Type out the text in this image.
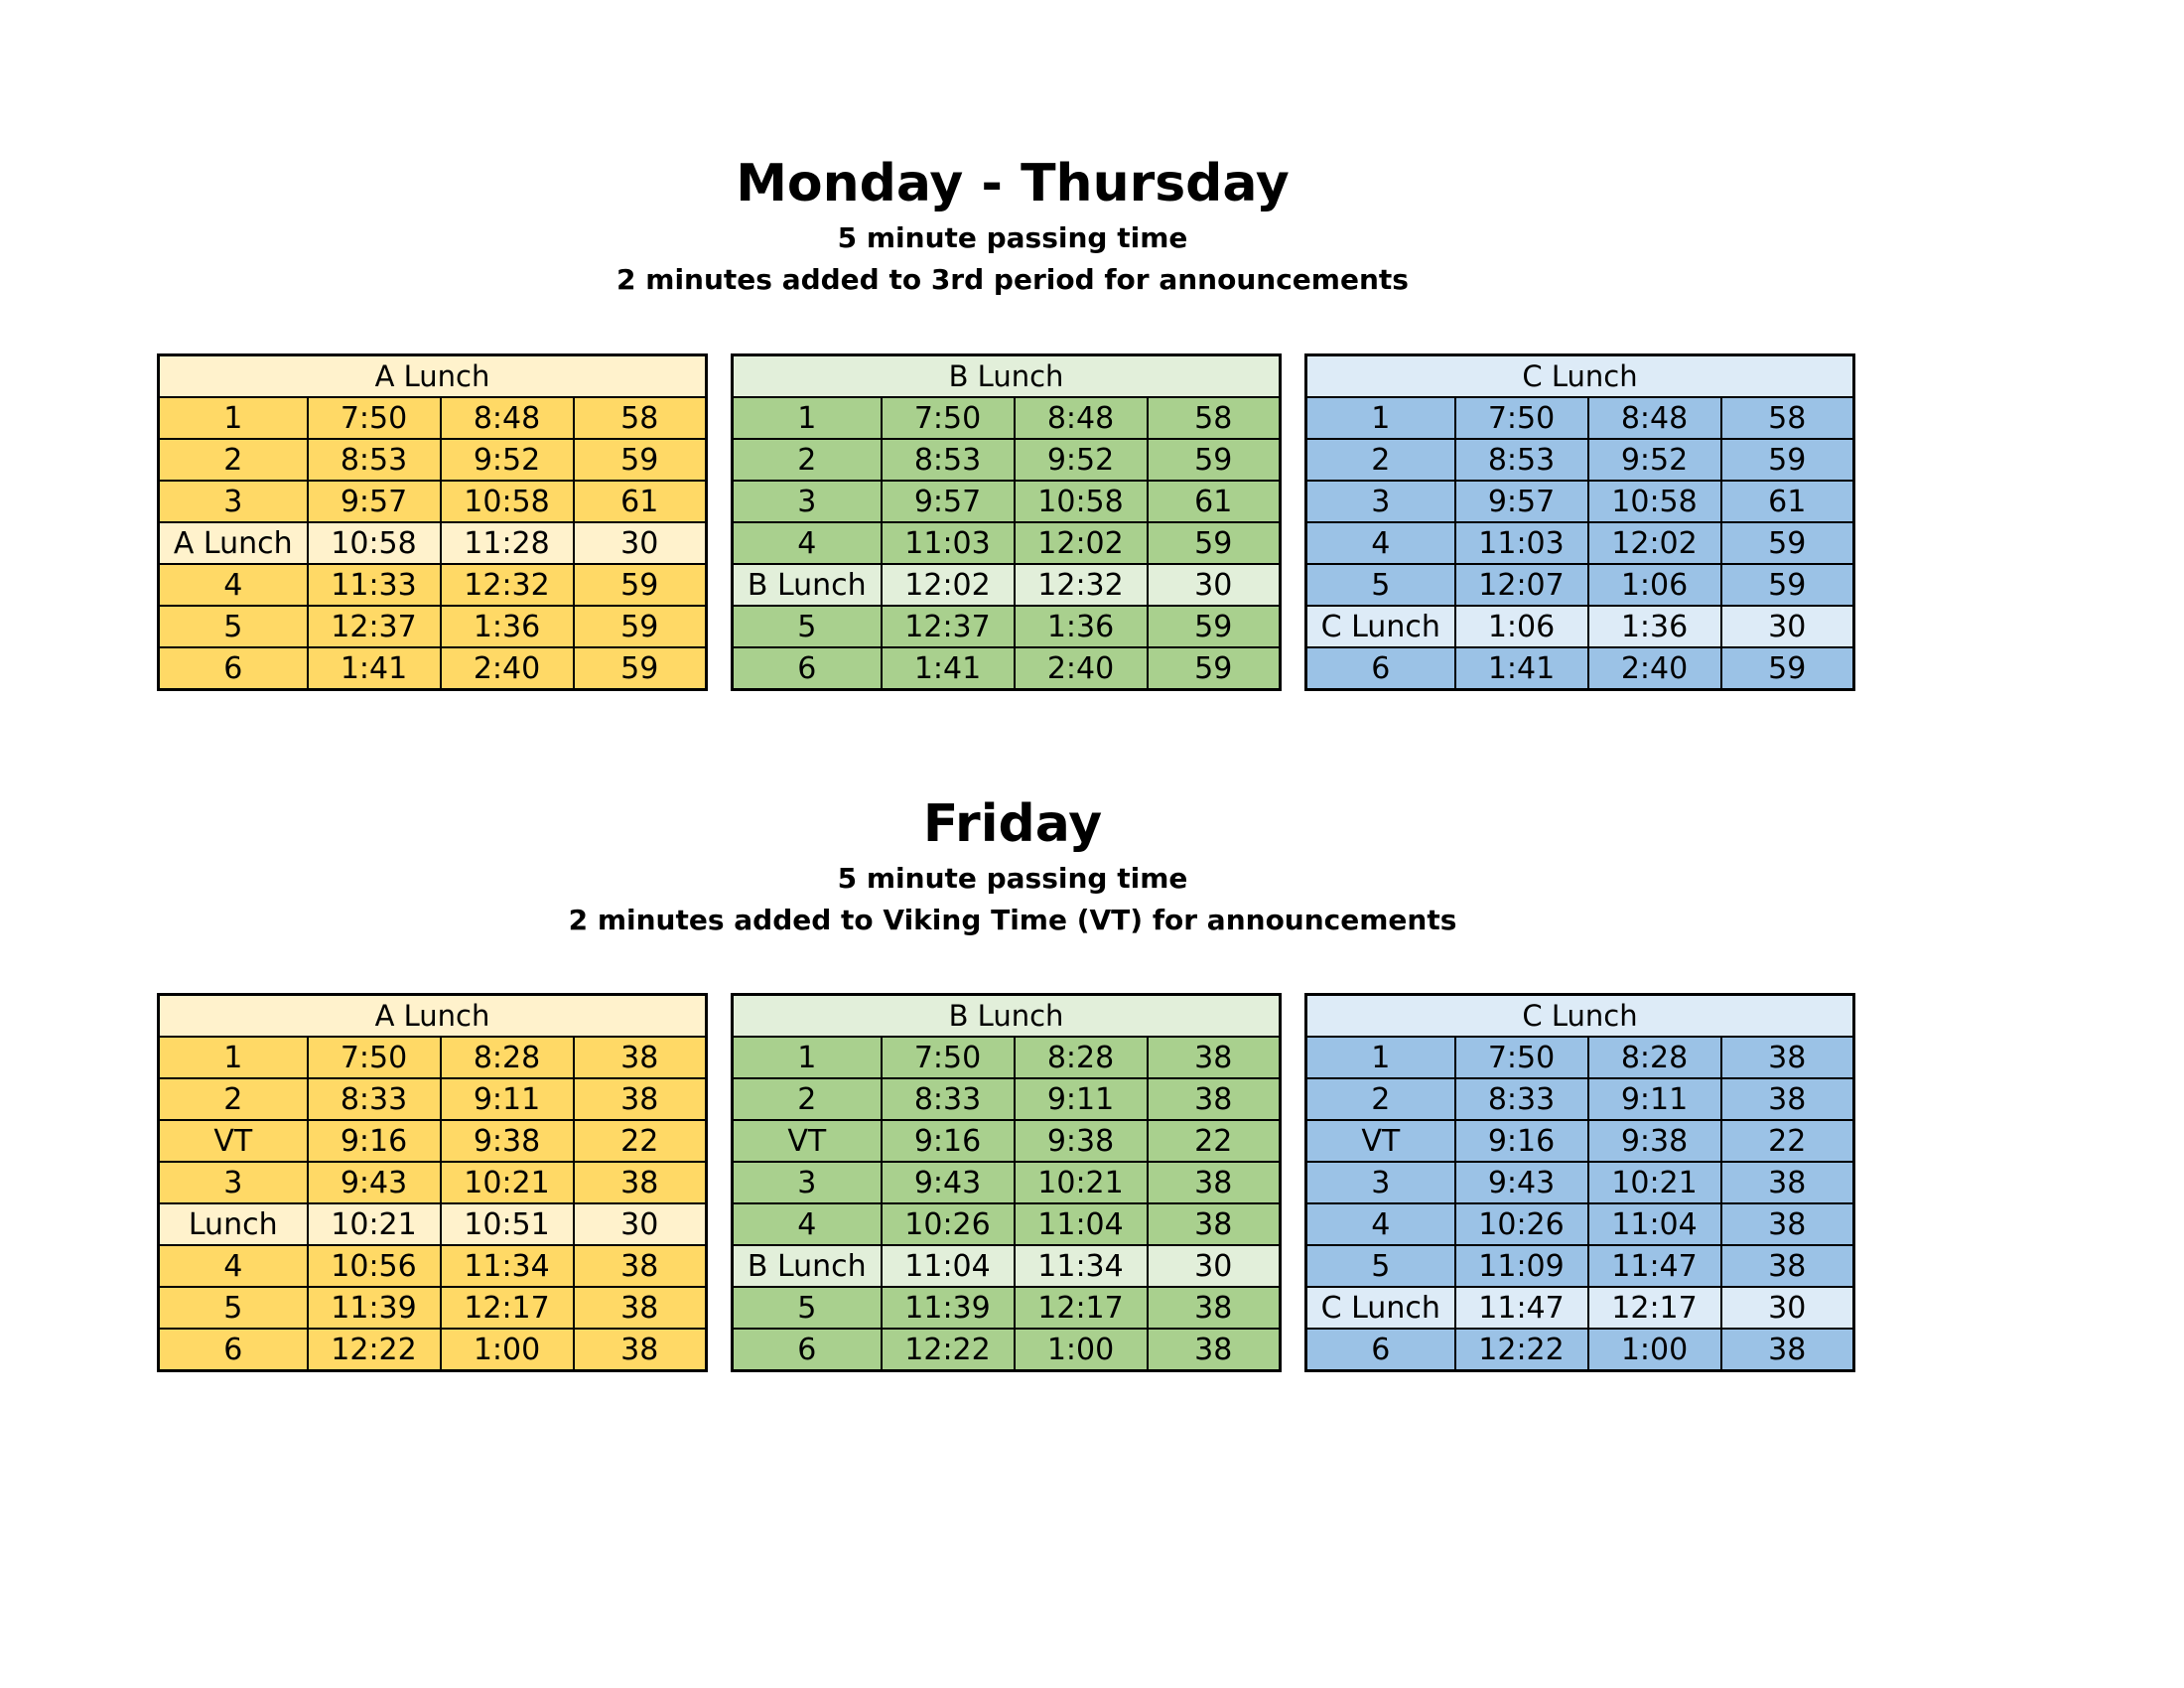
Monday - Thursday
5 minute passing time
2 minutes added to 3rd period for announcements
Friday
5 minute passing time
2 minutes added to Viking Time (VT) for announcements
A Lunch			
1	7:50	8:48	58
2	8:53	9:52	59
3	9:57	10:58	61
A Lunch	10:58	11:28	30
4	11:33	12:32	59
5	12:37	1:36	59
6	1:41	2:40	59
B Lunch			
1	7:50	8:48	58
2	8:53	9:52	59
3	9:57	10:58	61
4	11:03	12:02	59
B Lunch	12:02	12:32	30
5	12:37	1:36	59
6	1:41	2:40	59
C Lunch			
1	7:50	8:48	58
2	8:53	9:52	59
3	9:57	10:58	61
4	11:03	12:02	59
5	12:07	1:06	59
C Lunch	1:06	1:36	30
6	1:41	2:40	59
A Lunch			
1	7:50	8:28	38
2	8:33	9:11	38
VT	9:16	9:38	22
3	9:43	10:21	38
Lunch	10:21	10:51	30
4	10:56	11:34	38
5	11:39	12:17	38
6	12:22	1:00	38
B Lunch			
1	7:50	8:28	38
2	8:33	9:11	38
VT	9:16	9:38	22
3	9:43	10:21	38
4	10:26	11:04	38
B Lunch	11:04	11:34	30
5	11:39	12:17	38
6	12:22	1:00	38
C Lunch			
1	7:50	8:28	38
2	8:33	9:11	38
VT	9:16	9:38	22
3	9:43	10:21	38
4	10:26	11:04	38
5	11:09	11:47	38
C Lunch	11:47	12:17	30
6	12:22	1:00	38
